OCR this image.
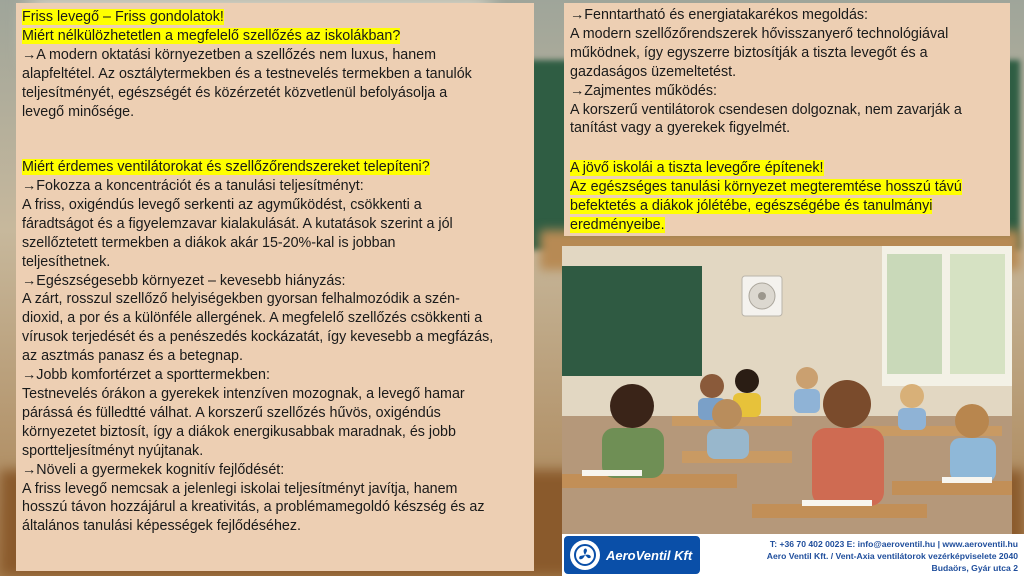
Friss levegő – Friss gondolatok!
Miért nélkülözhetetlen a megfelelő szellőzés az iskolákban?
→A modern oktatási környezetben a szellőzés nem luxus, hanem
alapfeltétel. Az osztálytermekben és a testnevelés termekben a tanulók
teljesítményét, egészségét és közérzetét közvetlenül befolyásolja a
levegő minősége.
Miért érdemes ventilátorokat és szellőzőrendszereket telepíteni?
→Fokozza a koncentrációt és a tanulási teljesítményt:
A friss, oxigéndús levegő serkenti az agyműködést, csökkenti a
fáradtságot és a figyelemzavar kialakulását. A kutatások szerint a jól
szellőztetett termekben a diákok akár 15-20%-kal is jobban
teljesíthetnek.
→Egészségesebb környezet – kevesebb hiányzás:
A zárt, rosszul szellőző helyiségekben gyorsan felhalmozódik a szén-
dioxid, a por és a különféle allergének. A megfelelő szellőzés csökkenti a
vírusok terjedését és a penészedés kockázatát, így kevesebb a megfázás,
az asztmás panasz és a betegnap.
→Jobb komfortérzet a sporttermekben:
Testnevelés órákon a gyerekek intenzíven mozognak, a levegő hamar
párássá és fülledtté válhat. A korszerű szellőzés hűvös, oxigéndús
környezetet biztosít, így a diákok energikusabbak maradnak, és jobb
sportteljesítményt nyújtanak.
→Növeli a gyermekek kognitív fejlődését:
A friss levegő nemcsak a jelenlegi iskolai teljesítményt javítja, hanem
hosszú távon hozzájárul a kreativitás, a problémamegoldó készség és az
általános tanulási képességek fejlődéséhez.
→Fenntartható és energiatakarékos megoldás:
A modern szellőzőrendszerek hővisszanyerő technológiával
működnek, így egyszerre biztosítják a tiszta levegőt és a
gazdaságos üzemeltetést.
→Zajmentes működés:
A korszerű ventilátorok csendesen dolgoznak, nem zavarják a
tanítást vagy a gyerekek figyelmét.
A jövő iskolái a tiszta levegőre építenek!
Az egészséges tanulási környezet megteremtése hosszú távú
befektetés a diákok jólétébe, egészségébe és tanulmányi
eredményeibe.
AeroVentil Kft
T: +36 70 402 0023 E: info@aeroventil.hu | www.aeroventil.hu
Aero Ventil Kft. / Vent-Axia ventilátorok vezérképviselete 2040
Budaörs, Gyár utca 2
